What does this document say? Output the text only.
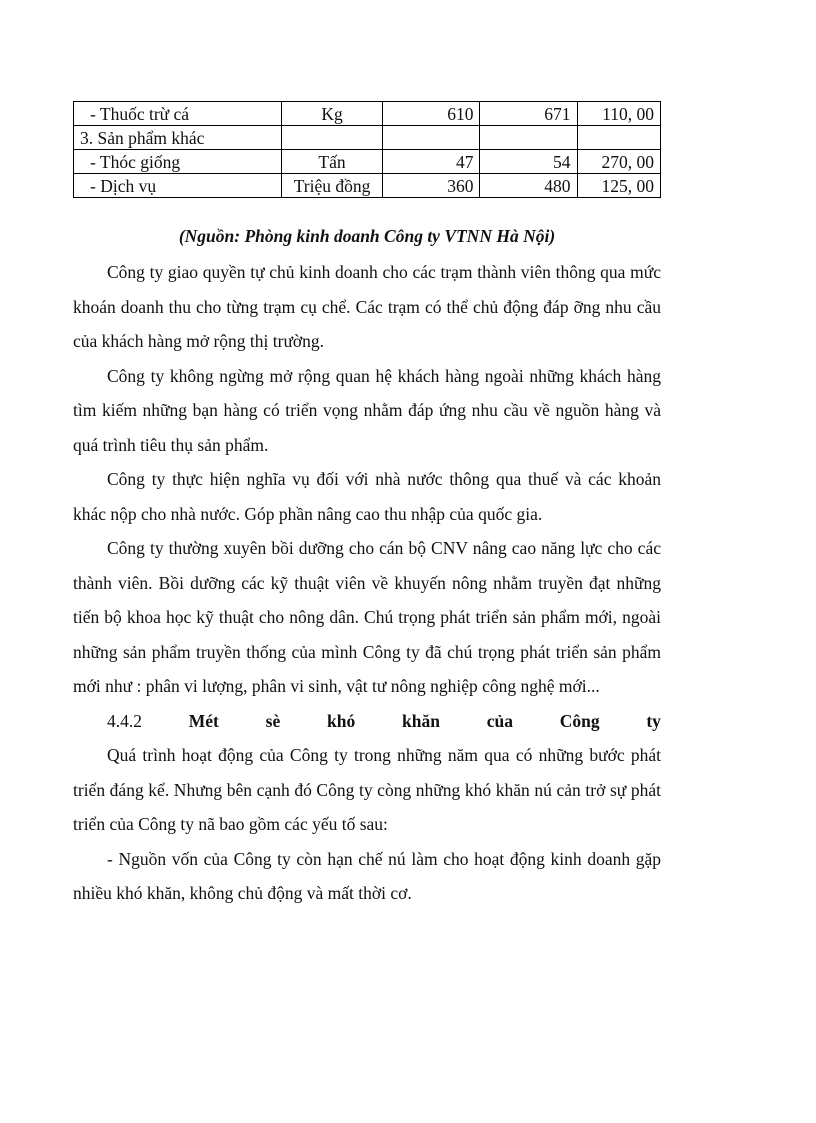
- Thuốc trừ cá	Kg	610	671	110, 00
3. Sản phẩm khác				
- Thóc giống	Tấn	47	54	270, 00
- Dịch vụ	Triệu đồng	360	480	125, 00
(Nguồn: Phòng kinh doanh Công ty VTNN Hà Nội)

Công ty giao quyền tự chủ kinh doanh cho các trạm thành viên thông qua mức khoán doanh thu cho từng trạm cụ chể. Các trạm có thể chủ động đáp ỡng nhu cầu của khách hàng mở rộng thị trường.

Công ty không ngừng mở rộng quan hệ khách hàng ngoài những khách hàng tìm kiếm những bạn hàng có triển vọng nhằm đáp ứng nhu cầu về nguồn hàng và quá trình tiêu thụ sản phẩm.

Công ty thực hiện nghĩa vụ đối với nhà nước thông qua thuế và các khoản khác nộp cho nhà nước. Góp phần nâng cao thu nhập của quốc gia.

Công ty thường xuyên bồi dưỡng cho cán bộ CNV nâng cao năng lực cho các thành viên. Bồi dưỡng các kỹ thuật viên về khuyến nông nhằm truyền đạt những tiến bộ khoa học kỹ thuật cho nông dân. Chú trọng phát triển sản phẩm mới, ngoài những sản phẩm truyền thống của mình Công ty đã chú trọng phát triển sản phẩm mới như : phân vi lượng, phân vi sinh, vật tư nông nghiệp công nghệ mới...

4.4.2	Mét	sè	khó	khăn	của	Công	ty

Quá trình hoạt động của Công ty trong những năm qua có những bước phát triển đáng kể. Nhưng bên cạnh đó Công ty còng những khó khăn nú cản trở sự phát triển của Công ty nã bao gồm các yếu tố sau:

- Nguồn vốn của Công ty còn hạn chế nú làm cho hoạt động kinh doanh gặp nhiều khó khăn, không chủ động và mất thời cơ.
